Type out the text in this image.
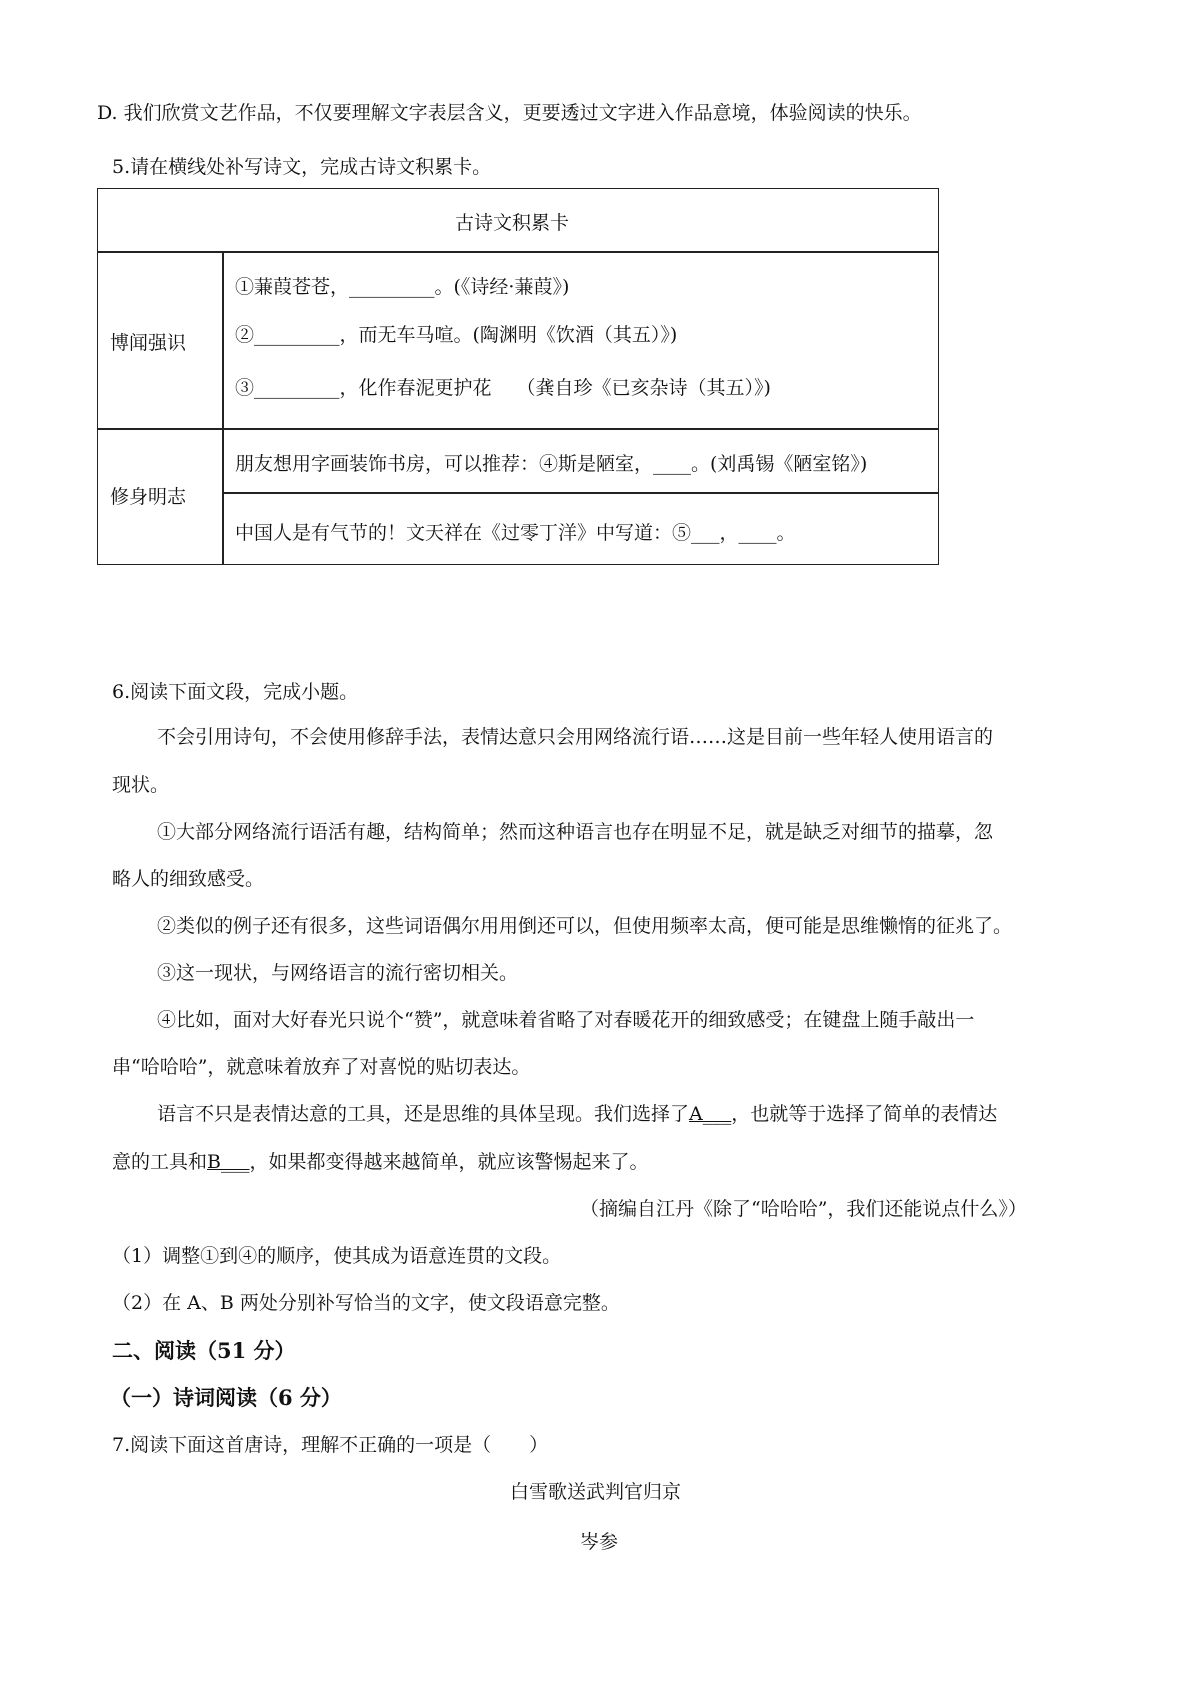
D. 我们欣赏文艺作品，不仅要理解文字表层含义，更要透过文字进入作品意境，体验阅读的快乐。
5.请在横线处补写诗文，完成古诗文积累卡。
古诗文积累卡
博闻强识
①蒹葭苍苍，_________。(《诗经·蒹葭》)
②_________，而无车马喧。(陶渊明《饮酒（其五）》)
③_________，化作春泥更护花　 （龚自珍《已亥杂诗（其五）》)
修身明志
朋友想用字画装饰书房，可以推荐：④斯是陋室，____。(刘禹锡《陋室铭》)
中国人是有气节的！文天祥在《过零丁洋》中写道：⑤___，____。
6.阅读下面文段，完成小题。
不会引用诗句，不会使用修辞手法，表情达意只会用网络流行语……这是目前一些年轻人使用语言的
现状。
①大部分网络流行语活有趣，结构简单；然而这种语言也存在明显不足，就是缺乏对细节的描摹，忽
略人的细致感受。
②类似的例子还有很多，这些词语偶尔用用倒还可以，但使用频率太高，便可能是思维懒惰的征兆了。
③这一现状，与网络语言的流行密切相关。
④比如，面对大好春光只说个“赞”，就意味着省略了对春暖花开的细致感受；在键盘上随手敲出一
串“哈哈哈”，就意味着放弃了对喜悦的贴切表达。
语言不只是表情达意的工具，还是思维的具体呈现。我们选择了A___，也就等于选择了简单的表情达
意的工具和B___，如果都变得越来越简单，就应该警惕起来了。
（摘编自江丹《除了“哈哈哈”，我们还能说点什么》）
（1）调整①到④的顺序，使其成为语意连贯的文段。
（2）在 A、B 两处分别补写恰当的文字，使文段语意完整。
二、阅读（51 分）
（一）诗词阅读（6 分）
7.阅读下面这首唐诗，理解不正确的一项是（　　）
白雪歌送武判官归京
岑参
